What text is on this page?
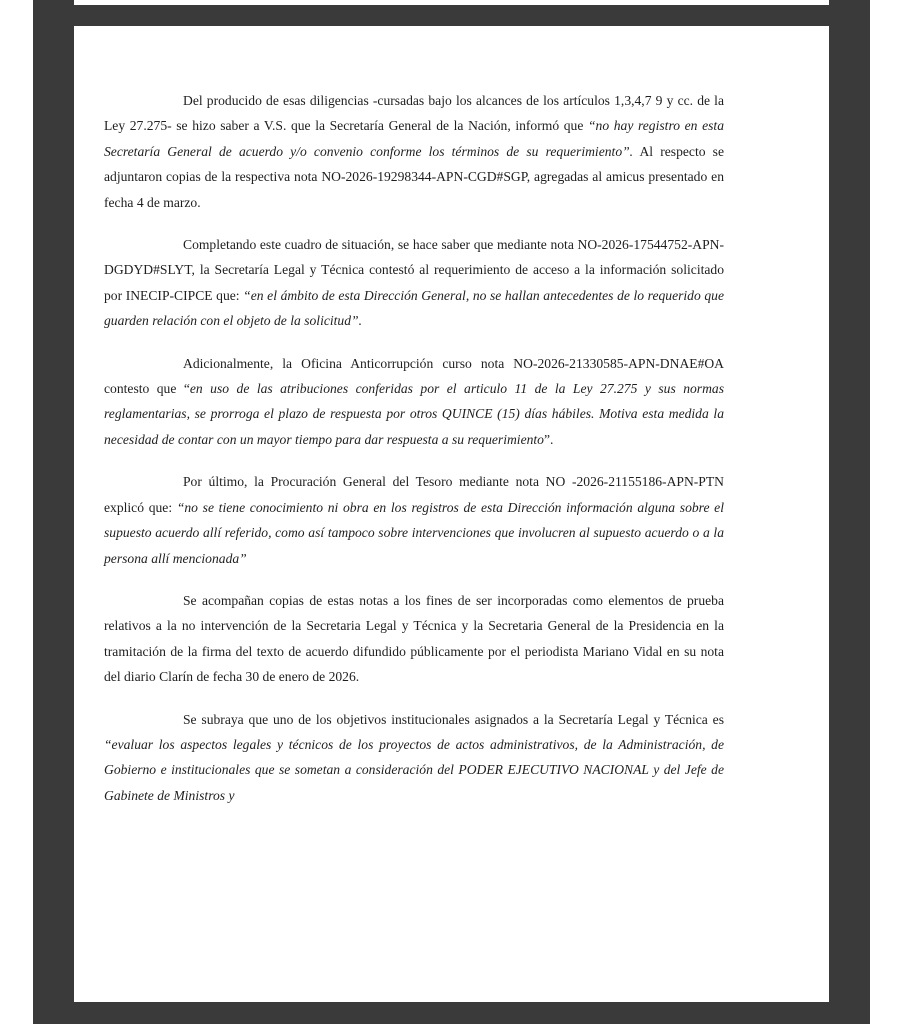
Del producido de esas diligencias -cursadas bajo los alcances de los artículos 1,3,4,7 9 y cc. de la Ley 27.275- se hizo saber a V.S. que la Secretaría General de la Nación, informó que “no hay registro en esta Secretaría General de acuerdo y/o convenio conforme los términos de su requerimiento”. Al respecto se adjuntaron copias de la respectiva nota NO-2026-19298344-APN-CGD#SGP, agregadas al amicus presentado en fecha 4 de marzo.

Completando este cuadro de situación, se hace saber que mediante nota NO-2026-17544752-APN-DGDYD#SLYT, la Secretaría Legal y Técnica contestó al requerimiento de acceso a la información solicitado por INECIP-CIPCE que: “en el ámbito de esta Dirección General, no se hallan antecedentes de lo requerido que guarden relación con el objeto de la solicitud”.

Adicionalmente, la Oficina Anticorrupción curso nota NO-2026-21330585-APN-DNAE#OA contesto que “en uso de las atribuciones conferidas por el articulo 11 de la Ley 27.275 y sus normas reglamentarias, se prorroga el plazo de respuesta por otros QUINCE (15) días hábiles. Motiva esta medida la necesidad de contar con un mayor tiempo para dar respuesta a su requerimiento”.

Por último, la Procuración General del Tesoro mediante nota NO -2026-21155186-APN-PTN explicó que: “no se tiene conocimiento ni obra en los registros de esta Dirección información alguna sobre el supuesto acuerdo allí referido, como así tampoco sobre intervenciones que involucren al supuesto acuerdo o a la persona allí mencionada”

Se acompañan copias de estas notas a los fines de ser incorporadas como elementos de prueba relativos a la no intervención de la Secretaria Legal y Técnica y la Secretaria General de la Presidencia en la tramitación de la firma del texto de acuerdo difundido públicamente por el periodista Mariano Vidal en su nota del diario Clarín de fecha 30 de enero de 2026.

Se subraya que uno de los objetivos institucionales asignados a la Secretaría Legal y Técnica es “evaluar los aspectos legales y técnicos de los proyectos de actos administrativos, de la Administración, de Gobierno e institucionales que se sometan a consideración del PODER EJECUTIVO NACIONAL y del Jefe de Gabinete de Ministros y
